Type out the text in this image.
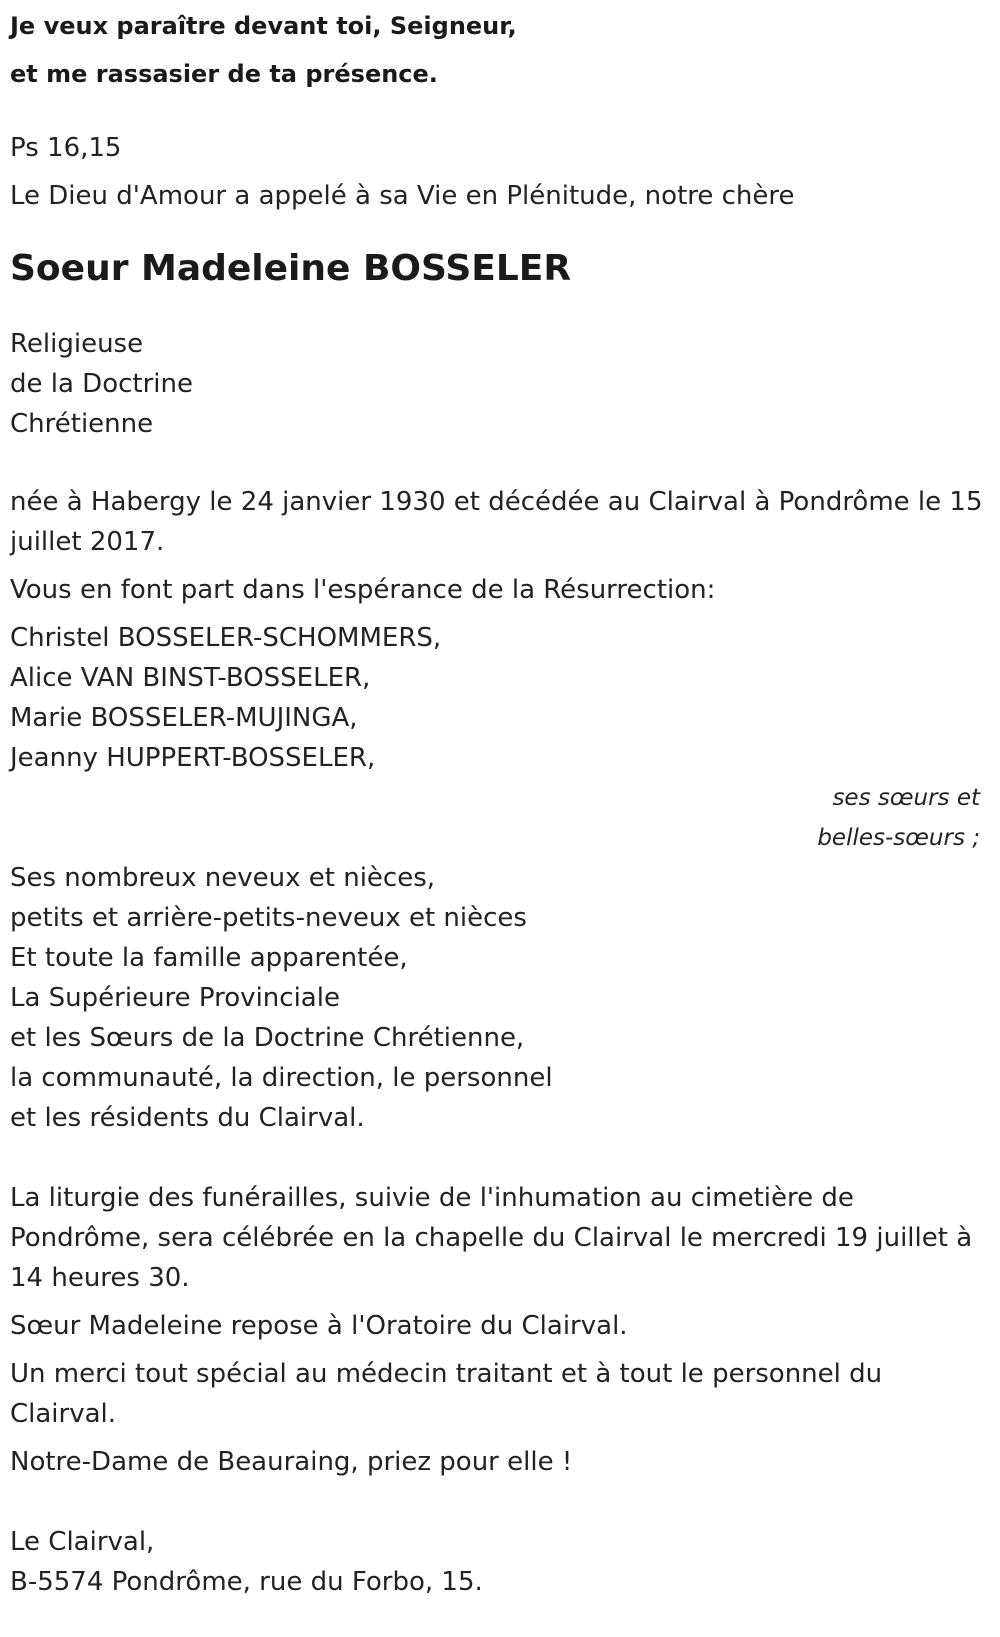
Je veux paraître devant toi, Seigneur,
et me rassasier de ta présence.
Ps 16,15
Le Dieu d'Amour a appelé à sa Vie en Plénitude, notre chère
Soeur Madeleine BOSSELER
Religieuse
de la Doctrine
Chrétienne
née à Habergy le 24 janvier 1930 et décédée au Clairval à Pondrôme le 15 juillet 2017.
Vous en font part dans l'espérance de la Résurrection:
Christel BOSSELER-SCHOMMERS,
Alice VAN BINST-BOSSELER,
Marie BOSSELER-MUJINGA,
Jeanny HUPPERT-BOSSELER,
ses sœurs et
belles-sœurs ;
Ses nombreux neveux et nièces,
petits et arrière-petits-neveux et nièces
Et toute la famille apparentée,
La Supérieure Provinciale
et les Sœurs de la Doctrine Chrétienne,
la communauté, la direction, le personnel
et les résidents du Clairval.
La liturgie des funérailles, suivie de l'inhumation au cimetière de Pondrôme, sera célébrée en la chapelle du Clairval le mercredi 19 juillet à 14 heures 30.
Sœur Madeleine repose à l'Oratoire du Clairval.
Un merci tout spécial au médecin traitant et à tout le personnel du Clairval.
Notre-Dame de Beauraing, priez pour elle !
Le Clairval,
B-5574 Pondrôme, rue du Forbo, 15.
